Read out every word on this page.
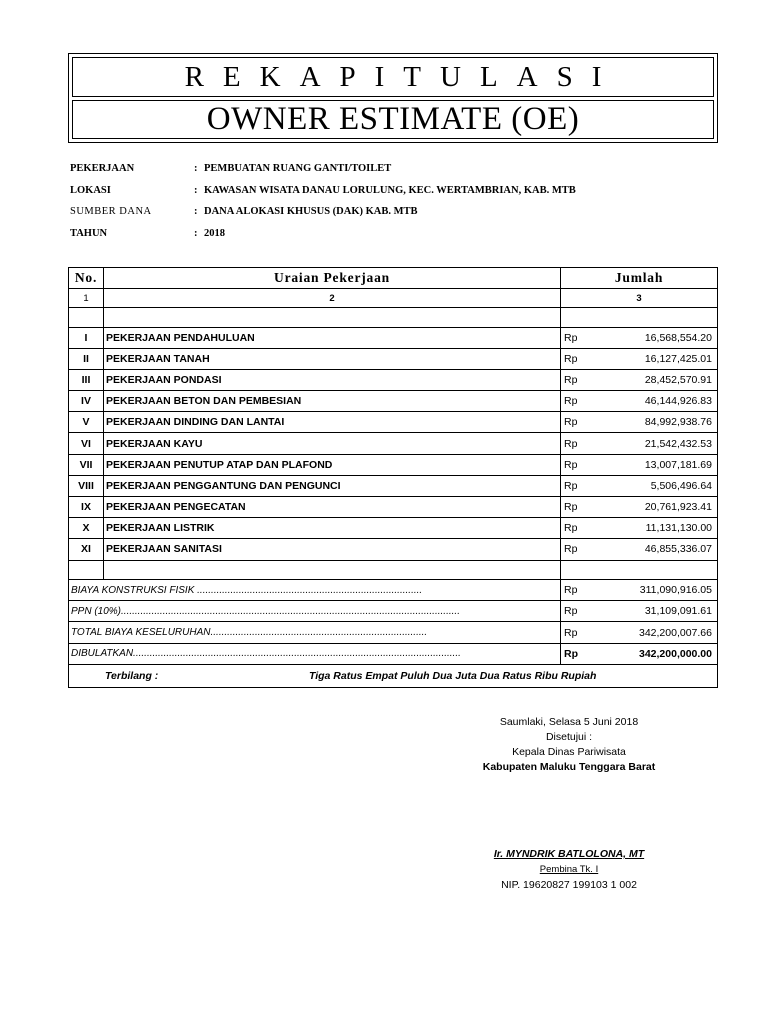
REKAPITULASI
OWNER ESTIMATE (OE)
PEKERJAAN	: PEMBUATAN RUANG GANTI/TOILET
LOKASI	: KAWASAN WISATA DANAU LORULUNG, KEC. WERTAMBRIAN, KAB. MTB
SUMBER DANA	: DANA ALOKASI KHUSUS (DAK) KAB. MTB
TAHUN	: 2018
No.	Uraian Pekerjaan	Jumlah	
1	2	3	

I	PEKERJAAN PENDAHULUAN	Rp	16,568,554.20
II	PEKERJAAN TANAH	Rp	16,127,425.01
III	PEKERJAAN PONDASI	Rp	28,452,570.91
IV	PEKERJAAN BETON DAN PEMBESIAN	Rp	46,144,926.83
V	PEKERJAAN DINDING DAN LANTAI	Rp	84,992,938.76
VI	PEKERJAAN KAYU	Rp	21,542,432.53
VII	PEKERJAAN PENUTUP ATAP DAN PLAFOND	Rp	13,007,181.69
VIII	PEKERJAAN PENGGANTUNG DAN PENGUNCI	Rp	5,506,496.64
IX	PEKERJAAN PENGECATAN	Rp	20,761,923.41
X	PEKERJAAN LISTRIK	Rp	11,131,130.00
XI	PEKERJAAN SANITASI	Rp	46,855,336.07

BIAYA KONSTRUKSI FISIK .................................................................................		Rp	311,090,916.05
PPN (10%)..........................................................................................................................		Rp	31,109,091.61
TOTAL BIAYA KESELURUHAN..............................................................................		Rp	342,200,007.66
DIBULATKAN......................................................................................................................		Rp	342,200,000.00

Terbilang : Tiga Ratus Empat Puluh Dua Juta Dua Ratus Ribu Rupiah			
Saumlaki, Selasa 5 Juni 2018
Disetujui :
Kepala Dinas Pariwisata
Kabupaten Maluku Tenggara Barat
Ir. MYNDRIK BATLOLONA, MT
Pembina Tk. I
NIP. 19620827 199103 1 002
